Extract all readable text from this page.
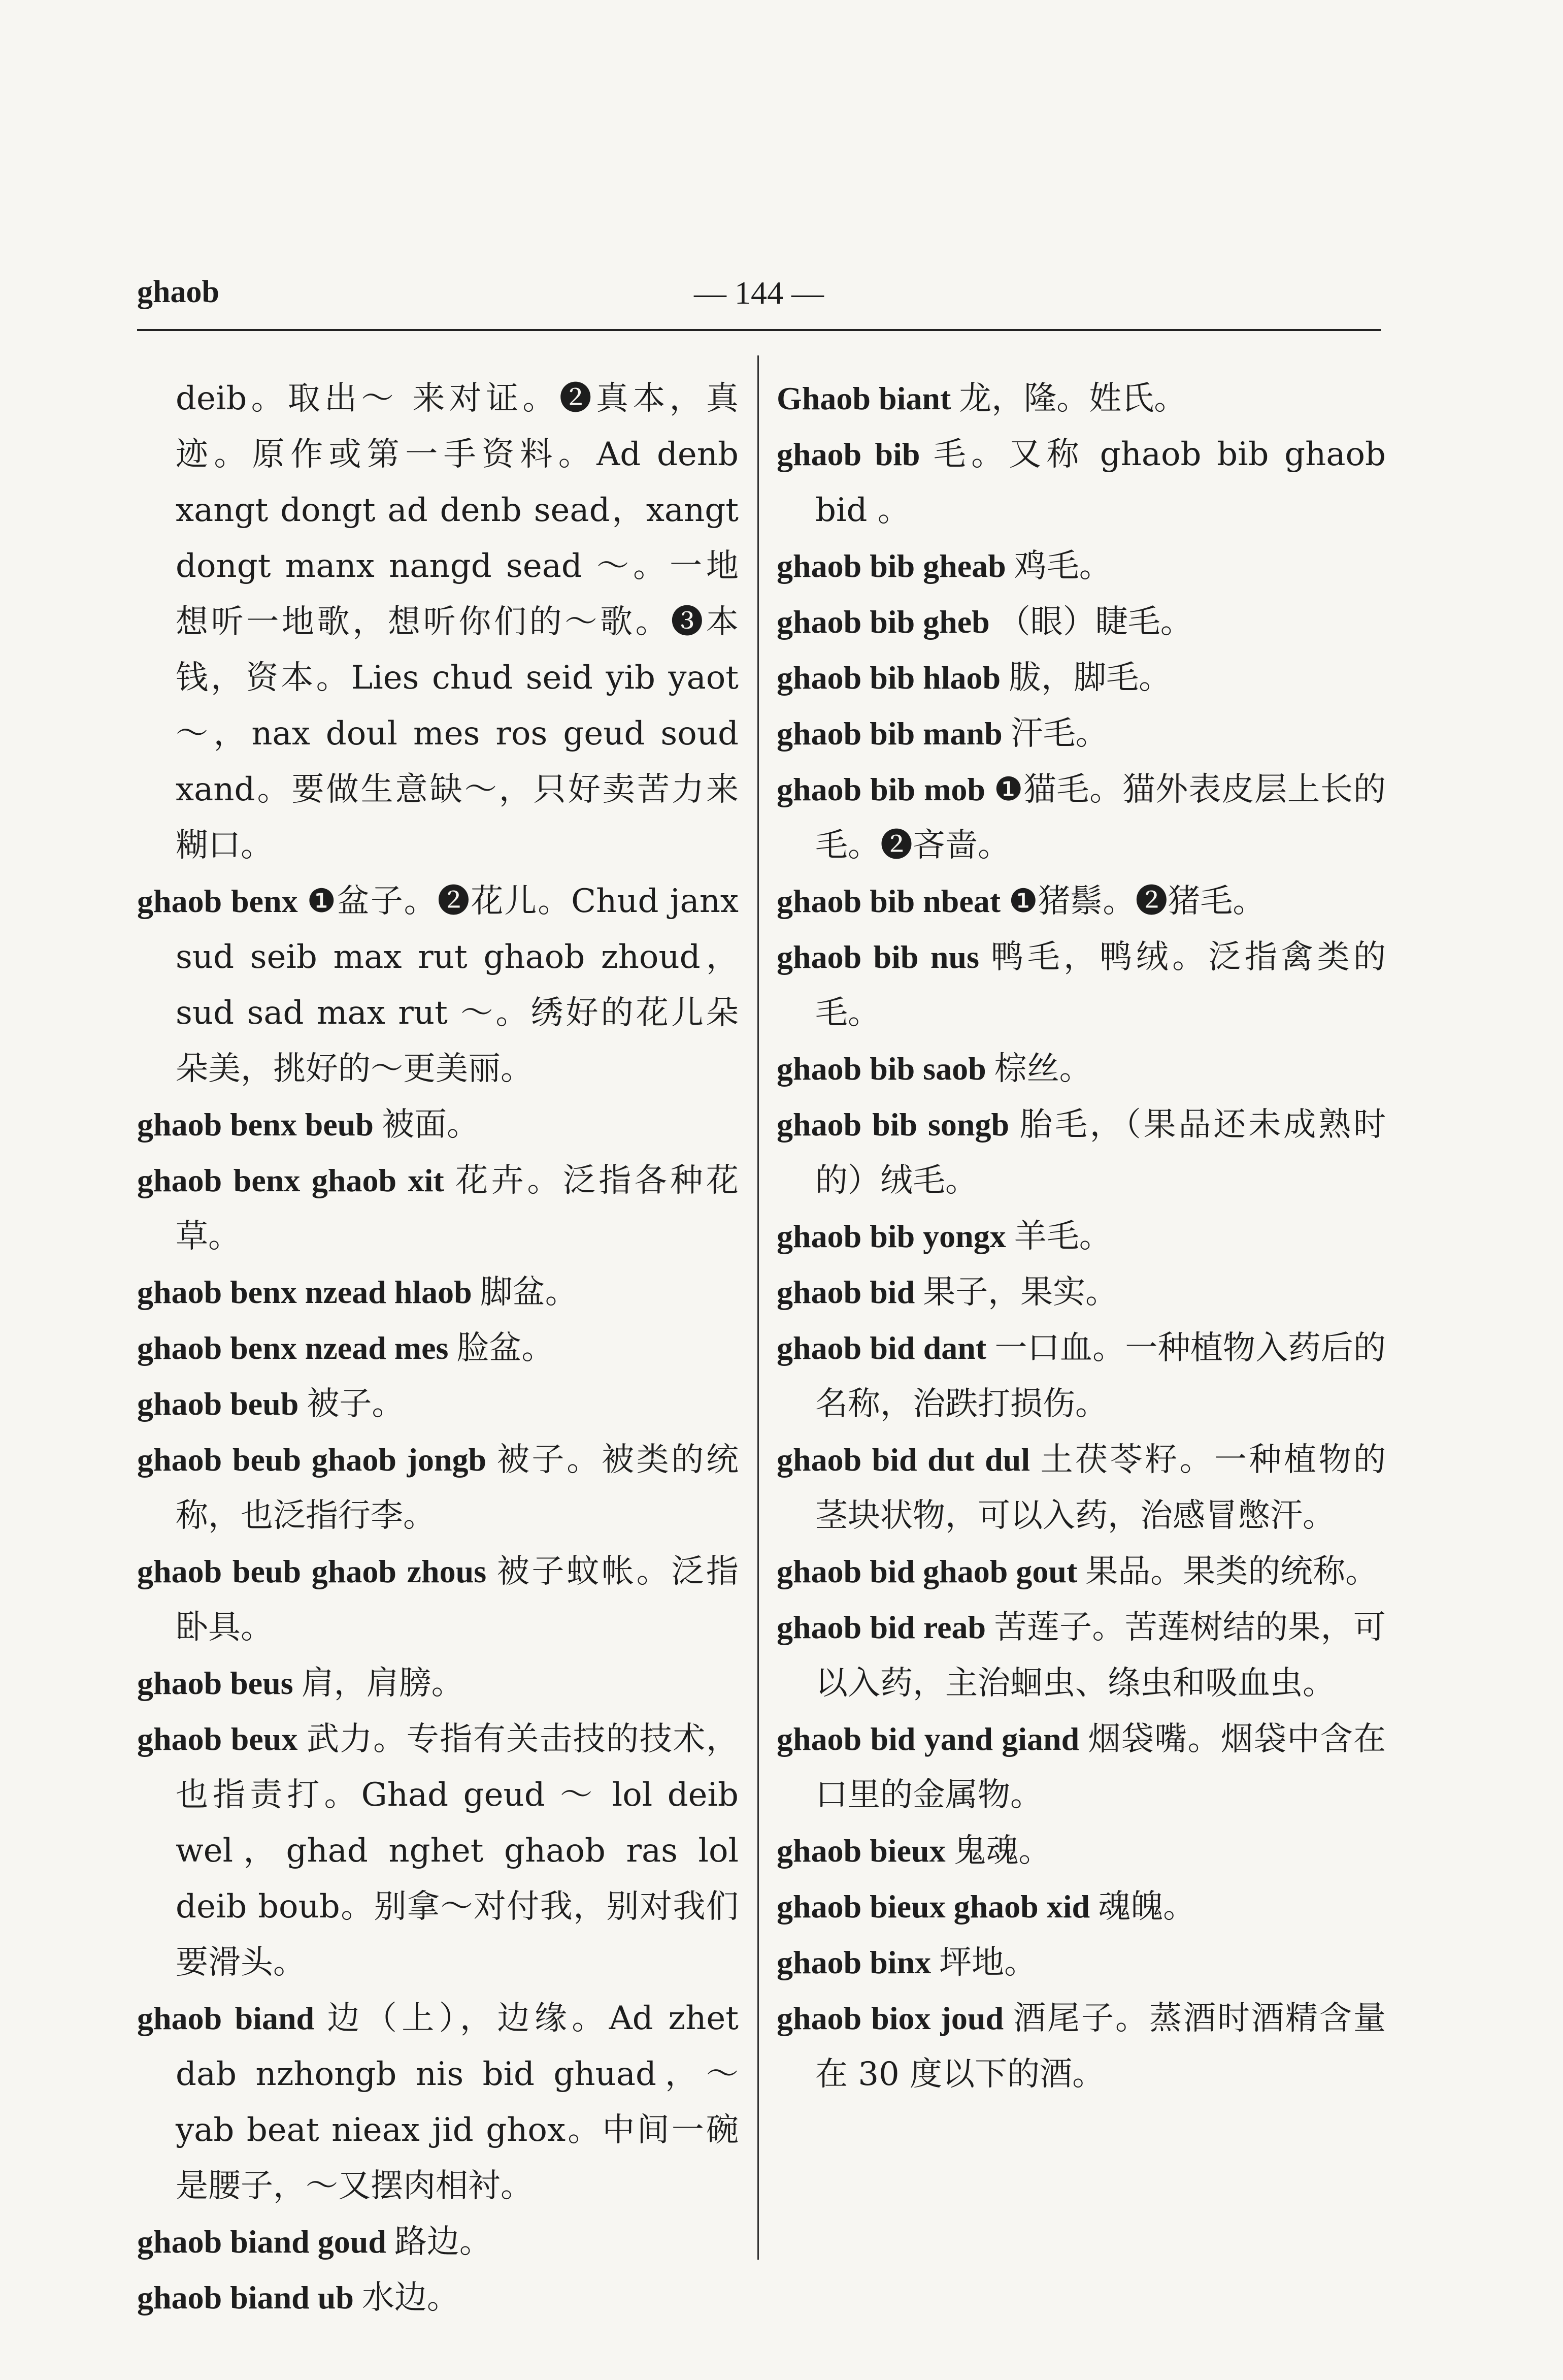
ghaob	— 144 —

deib。取出～ 来对证。❷真本，真迹。原作或第一手资料。Ad denb xangt dongt ad denb sead，xangt dongt manx nangd sead ～。一地想听一地歌，想听你们的～歌。❸本钱，资本。Lies chud seid yib yaot ～，nax doul mes ros geud soud xand。要做生意缺～，只好卖苦力来糊口。

ghaob benx ❶盆子。❷花儿。Chud janx sud seib max rut ghaob zhoud，sud sad max rut ～。绣好的花儿朵朵美，挑好的～更美丽。

ghaob benx beub 被面。

ghaob benx ghaob xit 花卉。泛指各种花草。

ghaob benx nzead hlaob 脚盆。

ghaob benx nzead mes 脸盆。

ghaob beub 被子。

ghaob beub ghaob jongb 被子。被类的统称，也泛指行李。

ghaob beub ghaob zhous 被子蚊帐。泛指卧具。

ghaob beus 肩，肩膀。

ghaob beux 武力。专指有关击技的技术，也指责打。Ghad geud ～ lol deib wel，ghad nghet ghaob ras lol deib boub。别拿～对付我，别对我们要滑头。

ghaob biand 边（上），边缘。Ad zhet dab nzhongb nis bid ghuad，～ yab beat nieax jid ghox。中间一碗是腰子，～又摆肉相衬。

ghaob biand goud 路边。

ghaob biand ub 水边。

Ghaob biant 龙，隆。姓氏。

ghaob bib 毛。又称 ghaob bib ghaob bid 。

ghaob bib gheab 鸡毛。

ghaob bib gheb （眼）睫毛。

ghaob bib hlaob 胈，脚毛。

ghaob bib manb 汗毛。

ghaob bib mob ❶猫毛。猫外表皮层上长的毛。❷吝啬。

ghaob bib nbeat ❶猪鬃。❷猪毛。

ghaob bib nus 鸭毛，鸭绒。泛指禽类的毛。

ghaob bib saob 棕丝。

ghaob bib songb 胎毛，（果品还未成熟时的）绒毛。

ghaob bib yongx 羊毛。

ghaob bid 果子，果实。

ghaob bid dant 一口血。一种植物入药后的名称，治跌打损伤。

ghaob bid dut dul 土茯苓籽。一种植物的茎块状物，可以入药，治感冒憋汗。

ghaob bid ghaob gout 果品。果类的统称。

ghaob bid reab 苦莲子。苦莲树结的果，可以入药，主治蛔虫、绦虫和吸血虫。

ghaob bid yand giand 烟袋嘴。烟袋中含在口里的金属物。

ghaob bieux 鬼魂。

ghaob bieux ghaob xid 魂魄。

ghaob binx 坪地。

ghaob biox joud 酒尾子。蒸酒时酒精含量在 30 度以下的酒。
